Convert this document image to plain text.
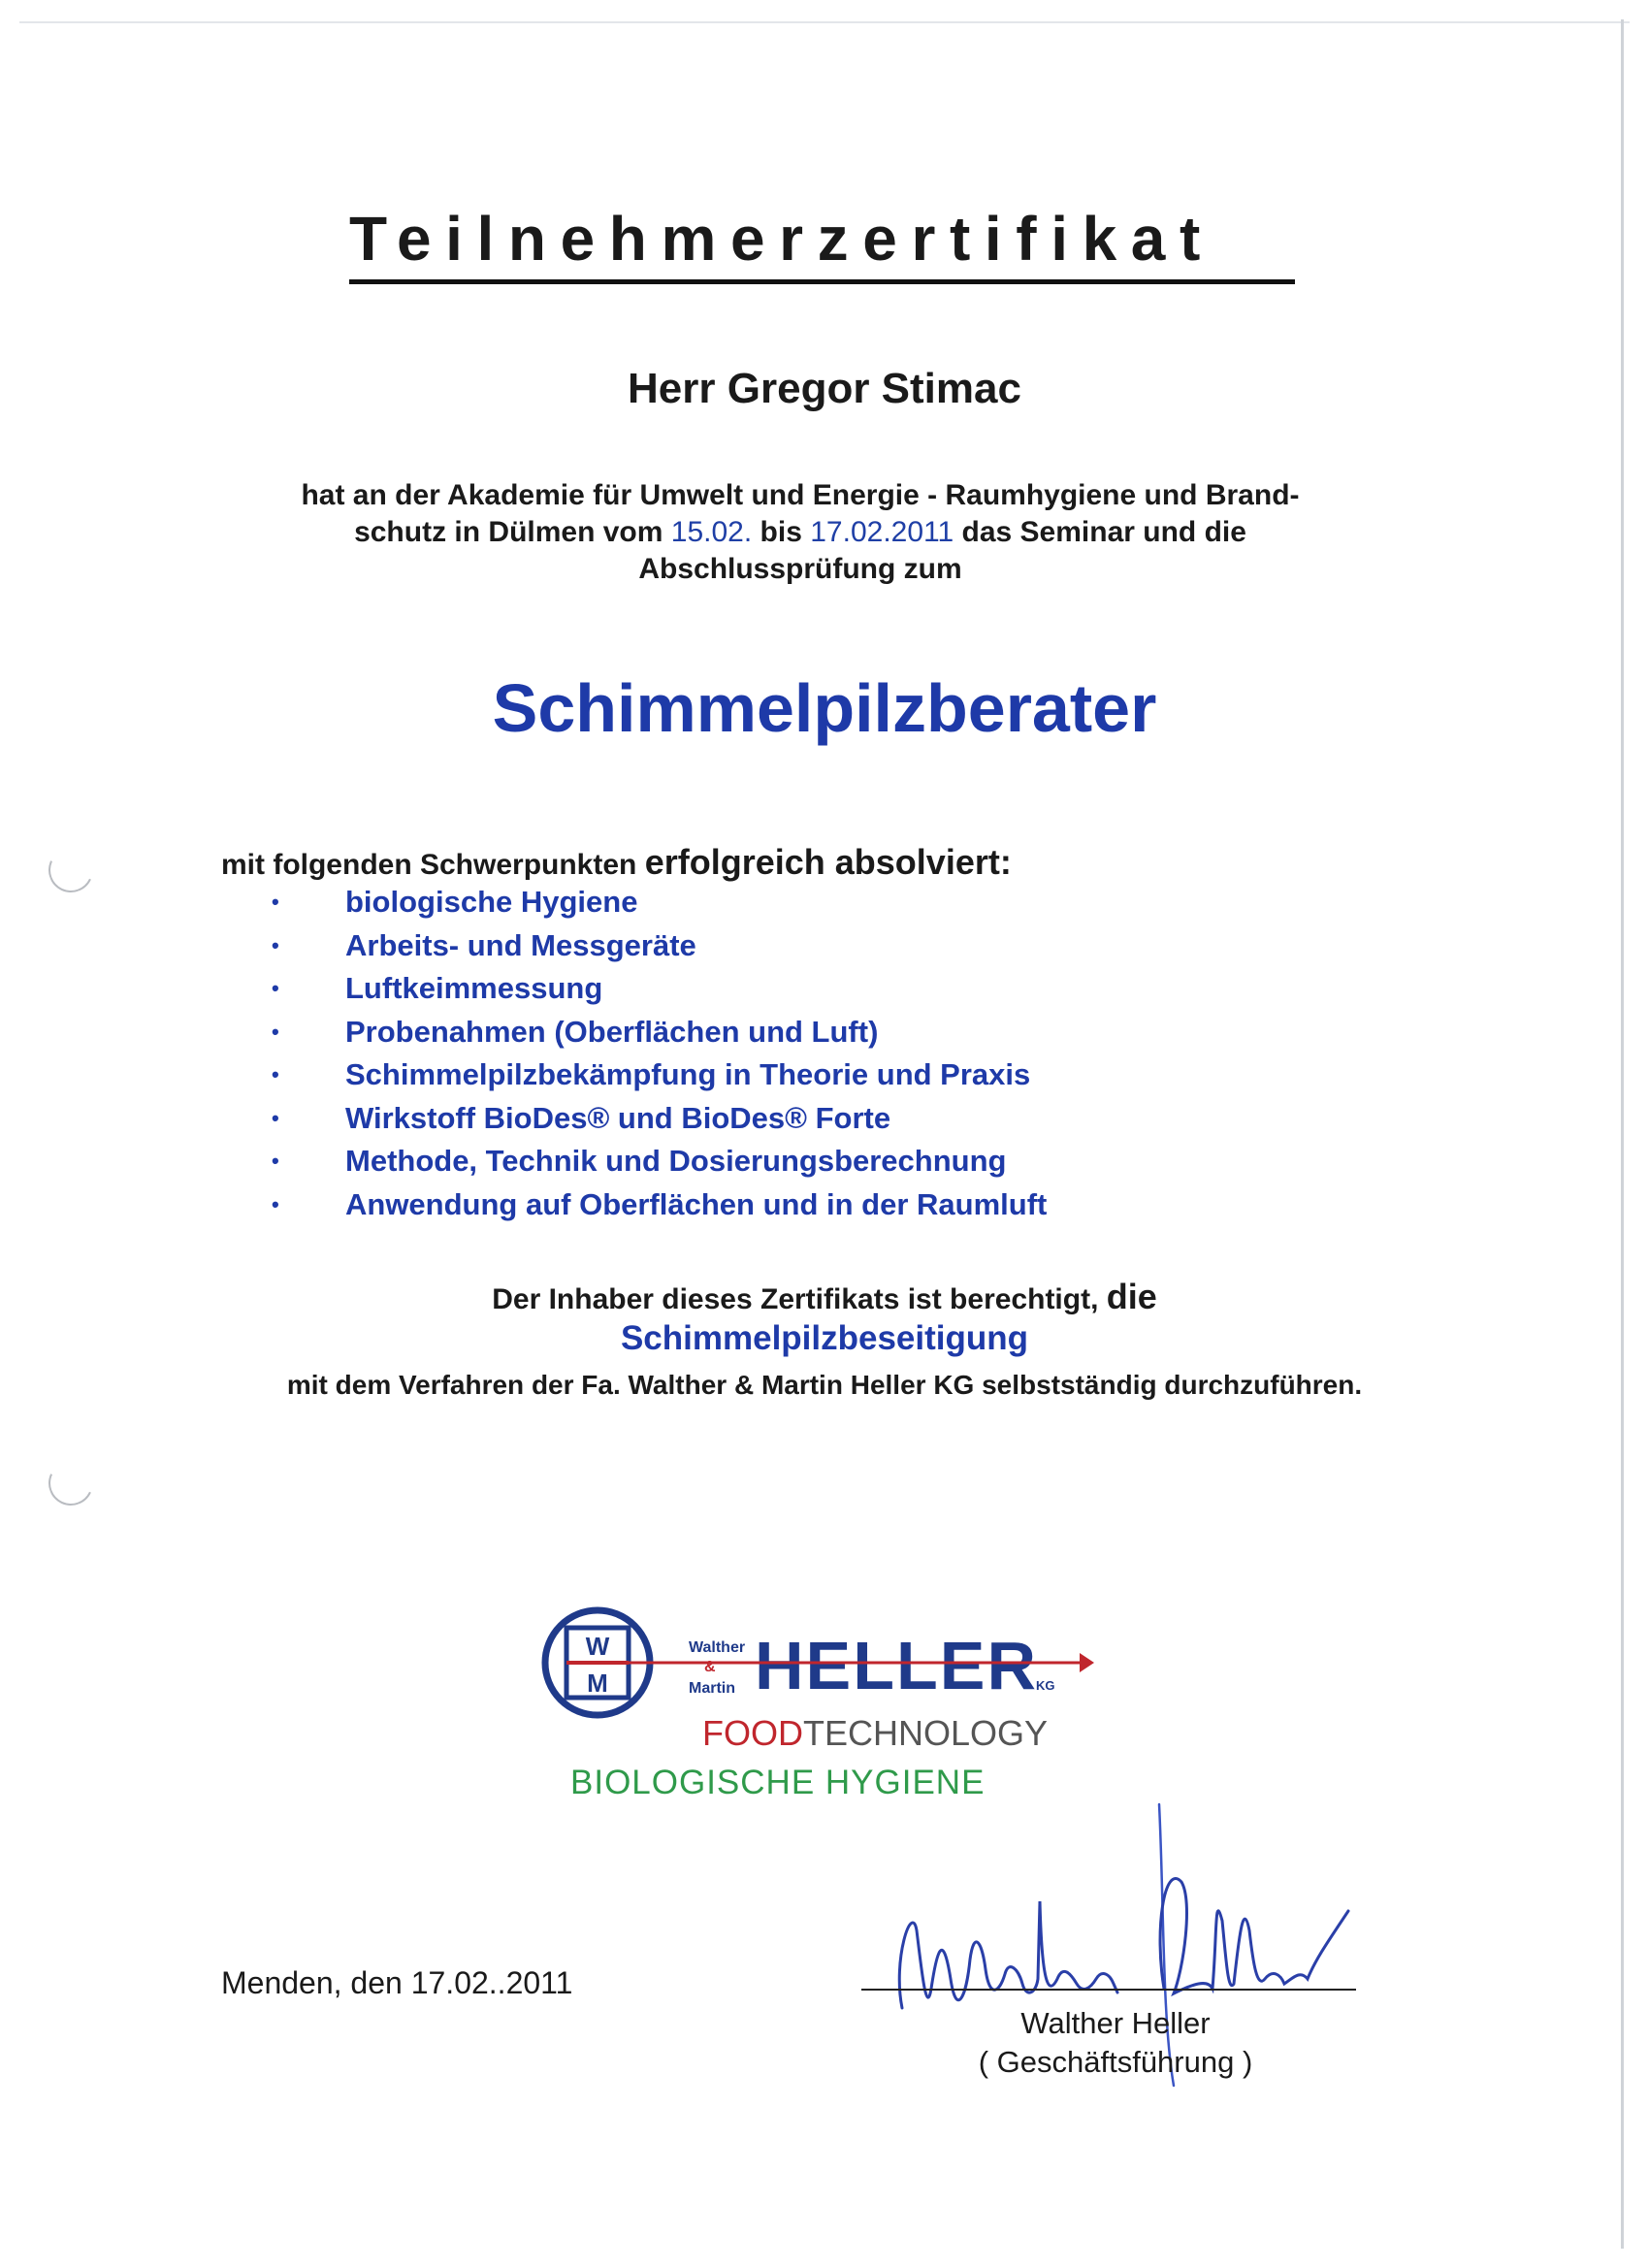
Teilnehmerzertifikat

Herr Gregor Stimac

hat an der Akademie für Umwelt und Energie - Raumhygiene und Brand-
schutz in Dülmen vom 15.02. bis 17.02.2011 das Seminar und die
Abschlussprüfung zum

Schimmelpilzberater

mit folgenden Schwerpunkten erfolgreich absolviert:

•	biologische Hygiene
•	Arbeits- und Messgeräte
•	Luftkeimmessung
•	Probenahmen (Oberflächen und Luft)
•	Schimmelpilzbekämpfung in Theorie und Praxis
•	Wirkstoff BioDes® und BioDes® Forte
•	Methode, Technik und Dosierungsberechnung
•	Anwendung auf Oberflächen und in der Raumluft

Der Inhaber dieses Zertifikats ist berechtigt, die

Schimmelpilzbeseitigung

mit dem Verfahren der Fa. Walther & Martin Heller KG selbstständig durchzuführen.

W
M
Walther
&
Martin HELLER
KG
FOODTECHNOLOGY
BIOLOGISCHE HYGIENE

Menden, den 17.02..2011

Walther Heller

( Geschäftsführung )
